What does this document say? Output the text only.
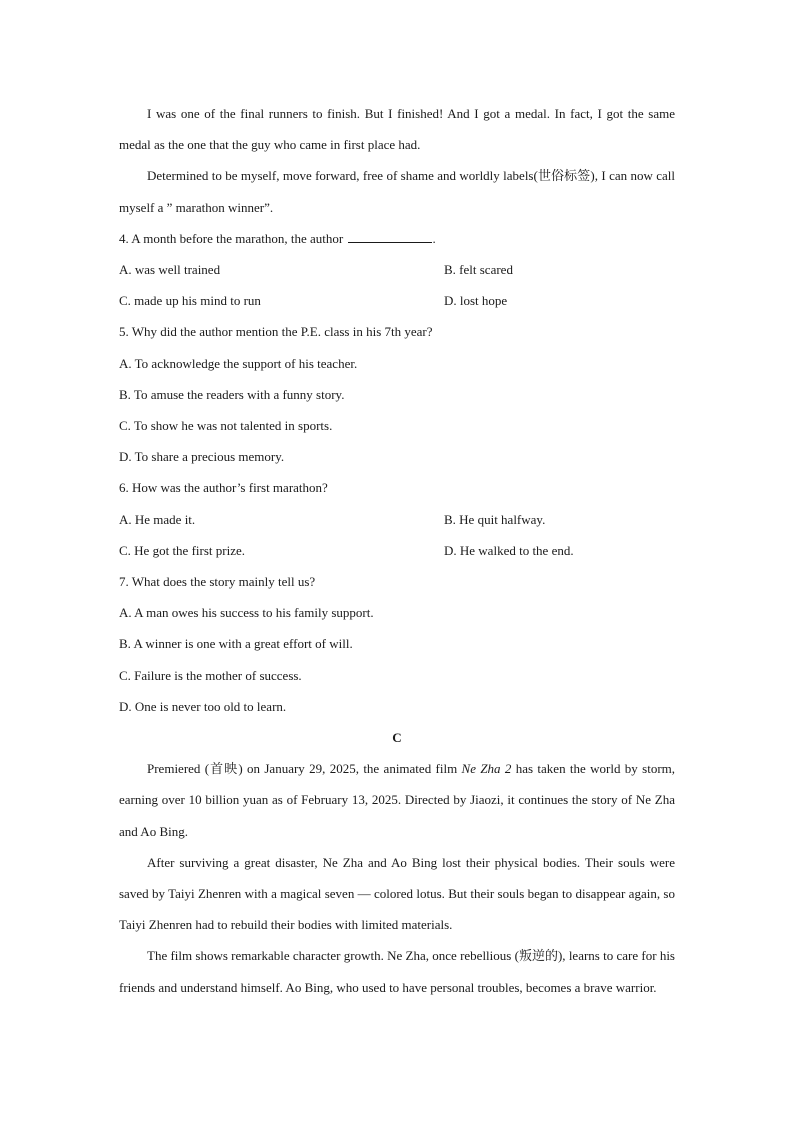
I was one of the final runners to finish. But I finished! And I got a medal. In fact, I got the same medal as the one that the guy who came in first place had.

Determined to be myself, move forward, free of shame and worldly labels(世俗标签), I can now call myself a ” marathon winner”.

4. A month before the marathon, the author	.

A. was well trained	B. felt scared
C. made up his mind to run	D. lost hope

5. Why did the author mention the P.E. class in his 7th year?

A. To acknowledge the support of his teacher.

B. To amuse the readers with a funny story.

C. To show he was not talented in sports.

D. To share a precious memory.

6. How was the author’s first marathon?

A. He made it.	B. He quit halfway.
C. He got the first prize.	D. He walked to the end.

7. What does the story mainly tell us?

A. A man owes his success to his family support.

B. A winner is one with a great effort of will.

C. Failure is the mother of success.

D. One is never too old to learn.

C

Premiered (首映) on January 29, 2025, the animated film Ne Zha 2 has taken the world by storm, earning over 10 billion yuan as of February 13, 2025. Directed by Jiaozi, it continues the story of Ne Zha and Ao Bing.

After surviving a great disaster, Ne Zha and Ao Bing lost their physical bodies. Their souls were saved by Taiyi Zhenren with a magical seven — colored lotus. But their souls began to disappear again, so Taiyi Zhenren had to rebuild their bodies with limited materials.

The film shows remarkable character growth. Ne Zha, once rebellious (叛逆的), learns to care for his friends and understand himself. Ao Bing, who used to have personal troubles, becomes a brave warrior.
